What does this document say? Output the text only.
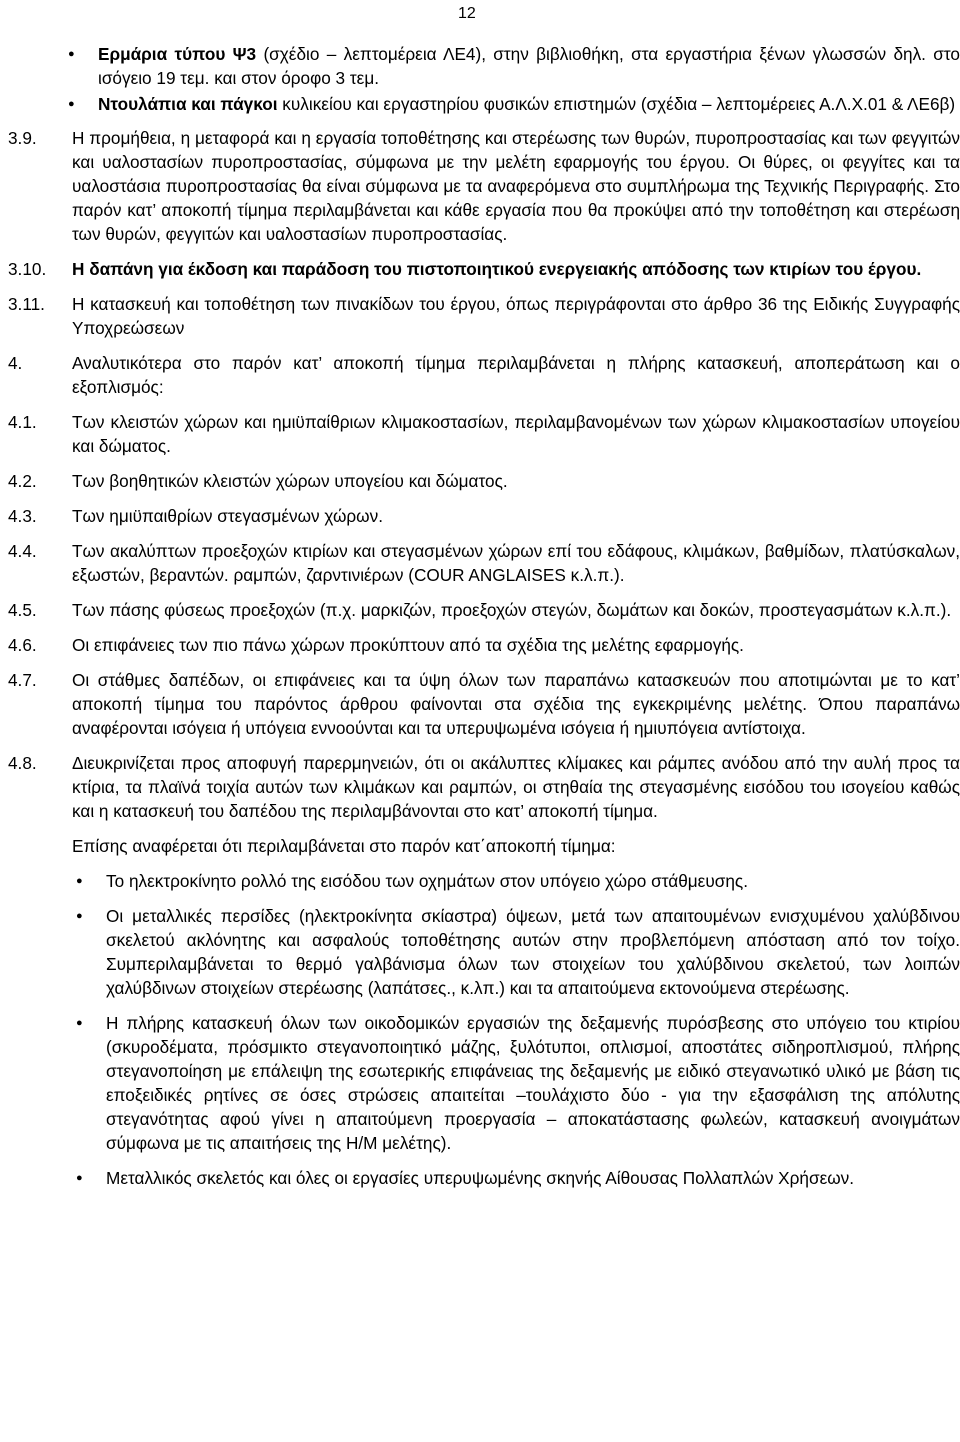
12
● Ερμάρια τύπου Ψ3 (σχέδιο – λεπτομέρεια ΛΕ4), στην βιβλιοθήκη, στα εργαστήρια ξένων γλωσσών δηλ. στο ισόγειο 19 τεμ. και στον όροφο 3 τεμ.
● Ντουλάπια και πάγκοι κυλικείου και εργαστηρίου φυσικών επιστημών (σχέδια – λεπτομέρειες Α.Λ.Χ.01 & ΛΕ6β)
3.9. Η προμήθεια, η μεταφορά και η εργασία τοποθέτησης και στερέωσης των θυρών, πυροπροστασίας και των φεγγιτών και υαλοστασίων πυροπροστασίας, σύμφωνα με την μελέτη εφαρμογής του έργου. Οι θύρες, οι φεγγίτες και τα υαλοστάσια πυροπροστασίας θα είναι σύμφωνα με τα αναφερόμενα στο συμπλήρωμα της Τεχνικής Περιγραφής. Στο παρόν κατ’ αποκοπή τίμημα περιλαμβάνεται και κάθε εργασία που θα προκύψει από την τοποθέτηση και στερέωση των θυρών, φεγγιτών και υαλοστασίων πυροπροστασίας.
3.10. Η δαπάνη για έκδοση και παράδοση του πιστοποιητικού ενεργειακής απόδοσης των κτιρίων του έργου.
3.11. Η κατασκευή και τοποθέτηση των πινακίδων του έργου, όπως περιγράφονται στο άρθρο 36 της Ειδικής Συγγραφής Υποχρεώσεων
4.	Αναλυτικότερα στο παρόν κατ’ αποκοπή τίμημα περιλαμβάνεται η πλήρης κατασκευή, αποπεράτωση και ο εξοπλισμός:
4.1. Των κλειστών χώρων και ημιϋπαίθριων κλιμακοστασίων, περιλαμβανομένων των χώρων κλιμακοστασίων υπογείου και δώματος.
4.2. Των βοηθητικών κλειστών χώρων υπογείου και δώματος.
4.3. Των ημιϋπαιθρίων στεγασμένων χώρων.
4.4. Των ακαλύπτων προεξοχών κτιρίων και στεγασμένων χώρων επί του εδάφους, κλιμάκων, βαθμίδων, πλατύσκαλων, εξωστών, βεραντών. ραμπών, ζαρντινιέρων (COUR ANGLAISES κ.λ.π.).
4.5. Των πάσης φύσεως προεξοχών (π.χ. μαρκιζών, προεξοχών στεγών, δωμάτων και δοκών, προστεγασμάτων κ.λ.π.).
4.6. Οι επιφάνειες των πιο πάνω χώρων προκύπτουν από τα σχέδια της μελέτης εφαρμογής.
4.7. Οι στάθμες δαπέδων, οι επιφάνειες και τα ύψη όλων των παραπάνω κατασκευών που αποτιμώνται με το κατ’ αποκοπή τίμημα του παρόντος άρθρου φαίνονται στα σχέδια της εγκεκριμένης μελέτης. Όπου παραπάνω αναφέρονται ισόγεια ή υπόγεια εννοούνται και τα υπερυψωμένα ισόγεια ή ημιυπόγεια αντίστοιχα.
4.8. Διευκρινίζεται προς αποφυγή παρερμηνειών, ότι οι ακάλυπτες κλίμακες και ράμπες ανόδου από την αυλή προς τα κτίρια, τα πλαϊνά τοιχία αυτών των κλιμάκων και ραμπών, οι στηθαία της στεγασμένης εισόδου του ισογείου καθώς και η κατασκευή του δαπέδου της περιλαμβάνονται στο κατ’ αποκοπή τίμημα.
Επίσης αναφέρεται ότι περιλαμβάνεται στο παρόν κατ΄αποκοπή τίμημα:
● Το ηλεκτροκίνητο ρολλό της εισόδου των οχημάτων στον υπόγειο χώρο στάθμευσης.
● Οι μεταλλικές περσίδες (ηλεκτροκίνητα σκίαστρα) όψεων, μετά των απαιτουμένων ενισχυμένου χαλύβδινου σκελετού ακλόνητης και ασφαλούς τοποθέτησης αυτών στην προβλεπόμενη απόσταση από τον τοίχο. Συμπεριλαμβάνεται το θερμό γαλβάνισμα όλων των στοιχείων του χαλύβδινου σκελετού, των λοιπών χαλύβδινων στοιχείων στερέωσης (λαπάτσες., κ.λπ.) και τα απαιτούμενα εκτονούμενα στερέωσης.
● Η πλήρης κατασκευή όλων των οικοδομικών εργασιών της δεξαμενής πυρόσβεσης στο υπόγειο του κτιρίου (σκυροδέματα, πρόσμικτο στεγανοποιητικό μάζης, ξυλότυποι, οπλισμοί, αποστάτες σιδηροπλισμού, πλήρης στεγανοποίηση με επάλειψη της εσωτερικής επιφάνειας της δεξαμενής με ειδικό στεγανωτικό υλικό με βάση τις εποξειδικές ρητίνες σε όσες στρώσεις απαιτείται –τουλάχιστο δύο - για την εξασφάλιση της απόλυτης στεγανότητας αφού γίνει η απαιτούμενη προεργασία – αποκατάστασης φωλεών, κατασκευή ανοιγμάτων σύμφωνα με τις απαιτήσεις της Η/Μ μελέτης).
● Μεταλλικός σκελετός και όλες οι εργασίες υπερυψωμένης σκηνής Αίθουσας Πολλαπλών Χρήσεων.
